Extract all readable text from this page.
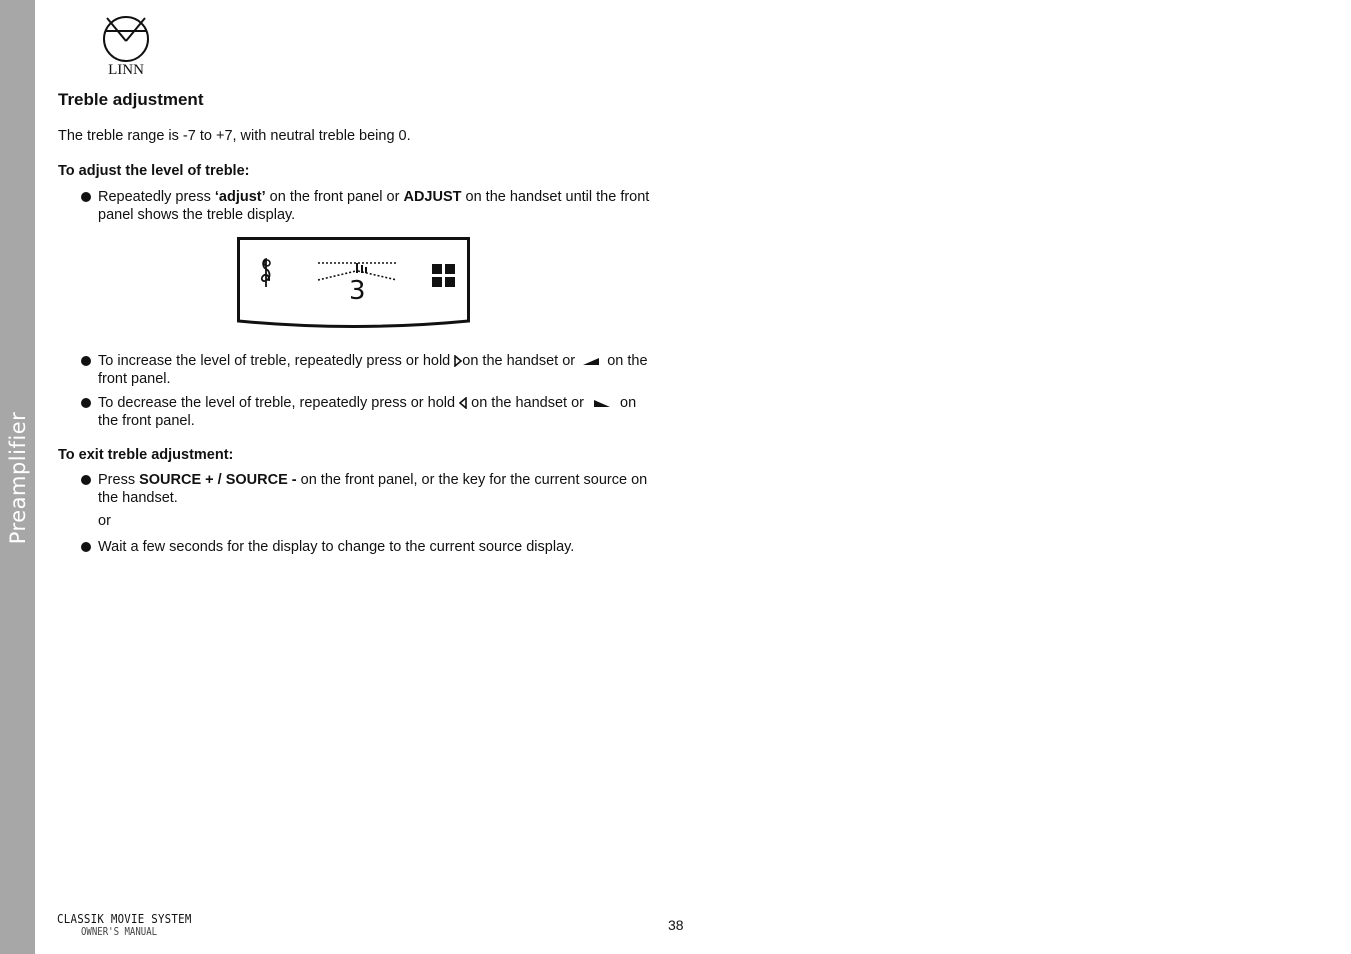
Preamplifier
LINN
Treble adjustment

The treble range is -7 to +7, with neutral treble being 0.

To adjust the level of treble:

Repeatedly press ‘adjust’ on the front panel or ADJUST on the handset until the front panel shows the treble display.
3
To increase the level of treble, repeatedly press or hold on the handset or  on the front panel.
To decrease the level of treble, repeatedly press or hold  on the handset or  on the front panel.

To exit treble adjustment:

Press SOURCE + / SOURCE - on the front panel, or the key for the current source on the handset.

or

Wait a few seconds for the display to change to the current source display.
CLASSIK MOVIE SYSTEM
OWNER'S MANUAL	38
